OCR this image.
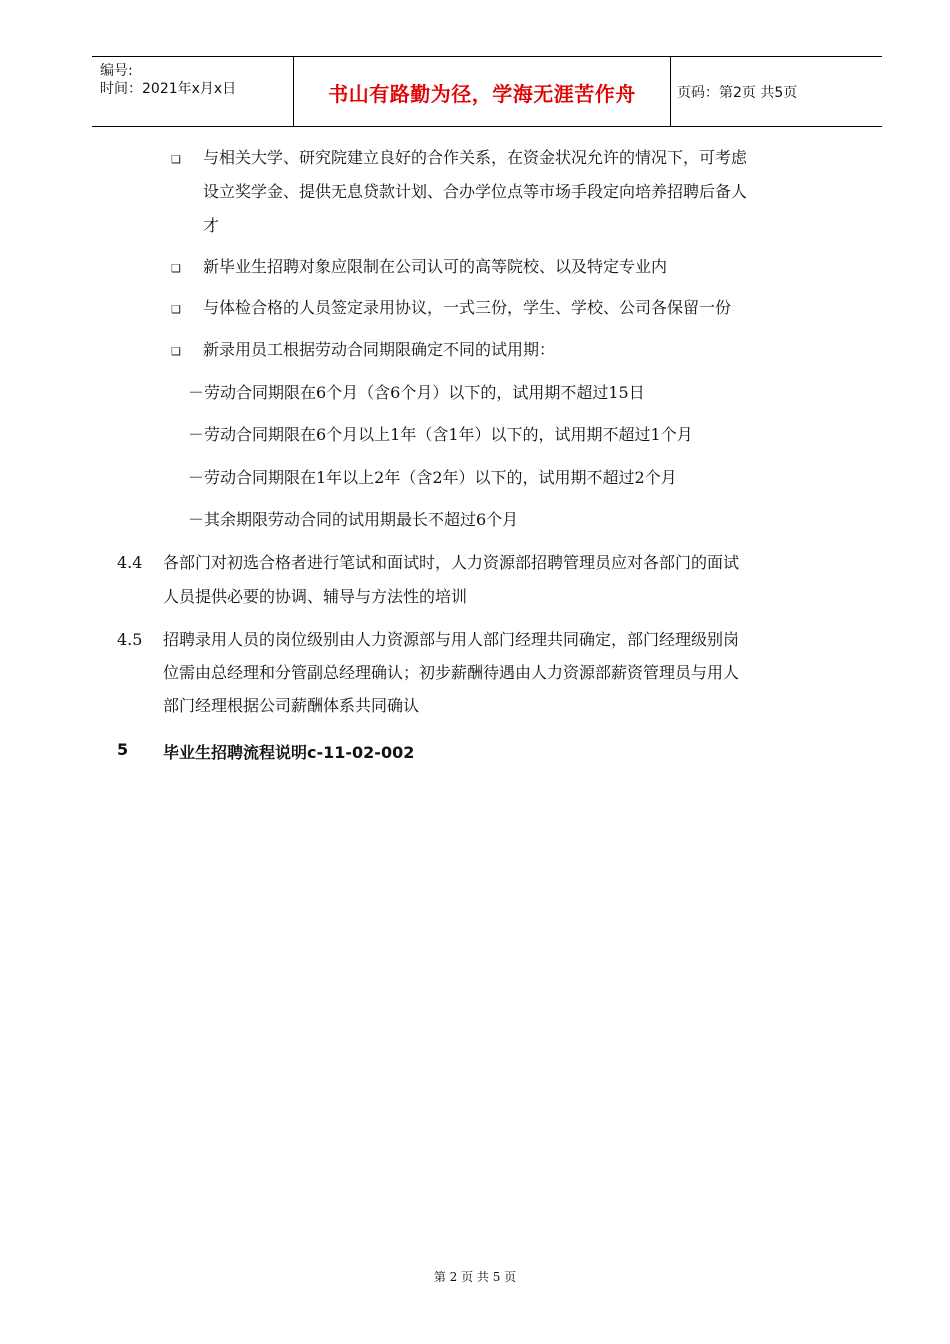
编号:
时间：2021年x月x日	书山有路勤为径，学海无涯苦作舟	页码：第2页 共5页
❑ 与相关大学、研究院建立良好的合作关系，在资金状况允许的情况下，可考虑
设立奖学金、提供无息贷款计划、合办学位点等市场手段定向培养招聘后备人
才
❑ 新毕业生招聘对象应限制在公司认可的高等院校、以及特定专业内
❑ 与体检合格的人员签定录用协议，一式三份，学生、学校、公司各保留一份
❑ 新录用员工根据劳动合同期限确定不同的试用期：
－劳动合同期限在6个月（含6个月）以下的，试用期不超过15日
－劳动合同期限在6个月以上1年（含1年）以下的，试用期不超过1个月
－劳动合同期限在1年以上2年（含2年）以下的，试用期不超过2个月
－其余期限劳动合同的试用期最长不超过6个月
4.4 各部门对初选合格者进行笔试和面试时，人力资源部招聘管理员应对各部门的面试
人员提供必要的协调、辅导与方法性的培训
4.5 招聘录用人员的岗位级别由人力资源部与用人部门经理共同确定，部门经理级别岗
位需由总经理和分管副总经理确认；初步薪酬待遇由人力资源部薪资管理员与用人
部门经理根据公司薪酬体系共同确认
5 毕业生招聘流程说明c-11-02-002
第 2 页 共 5 页
